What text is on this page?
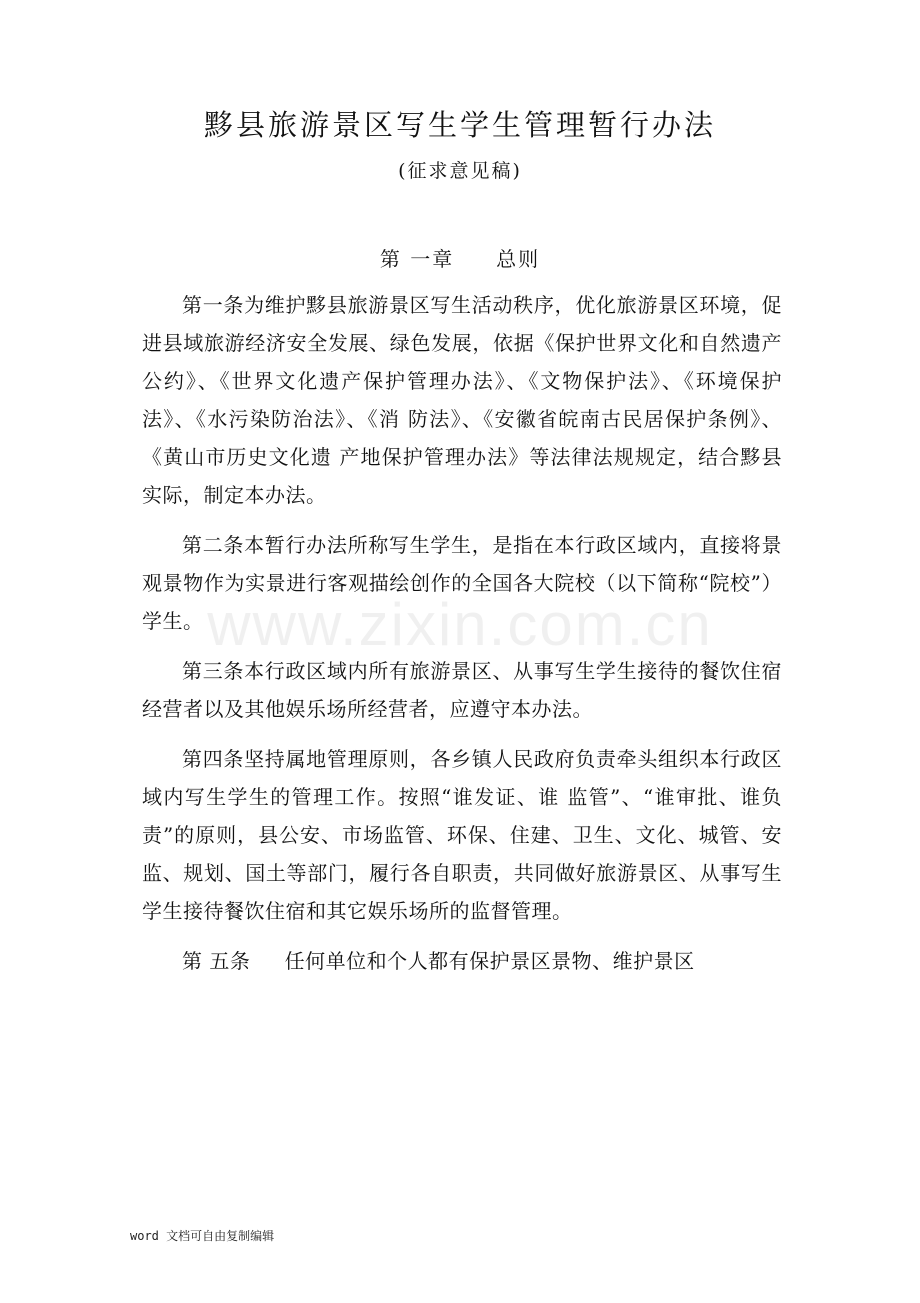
黟县旅游景区写生学生管理暂行办法
(征求意见稿)
第 一章     总则
www.zixin.com.cn

第一条为维护黟县旅游景区写生活动秩序，优化旅游景区环境，促进县域旅游经济安全发展、绿色发展，依据《保护世界文化和自然遗产公约》、《世界文化遗产保护管理办法》、《文物保护法》、《环境保护法》、《水污染防治法》、《消 防法》、《安徽省皖南古民居保护条例》、《黄山市历史文化遗 产地保护管理办法》等法律法规规定，结合黟县实际，制定本办法。

第二条本暂行办法所称写生学生，是指在本行政区域内，直接将景观景物作为实景进行客观描绘创作的全国各大院校（以下简称“院校”）学生。

第三条本行政区域内所有旅游景区、从事写生学生接待的餐饮住宿经营者以及其他娱乐场所经营者，应遵守本办法。

第四条坚持属地管理原则，各乡镇人民政府负责牵头组织本行政区域内写生学生的管理工作。按照“谁发证、谁 监管”、“谁审批、谁负责”的原则，县公安、市场监管、环保、住建、卫生、文化、城管、安监、规划、国土等部门，履行各自职责，共同做好旅游景区、从事写生学生接待餐饮住宿和其它娱乐场所的监督管理。

第 五条     任何单位和个人都有保护景区景物、维护景区

word 文档可自由复制编辑
